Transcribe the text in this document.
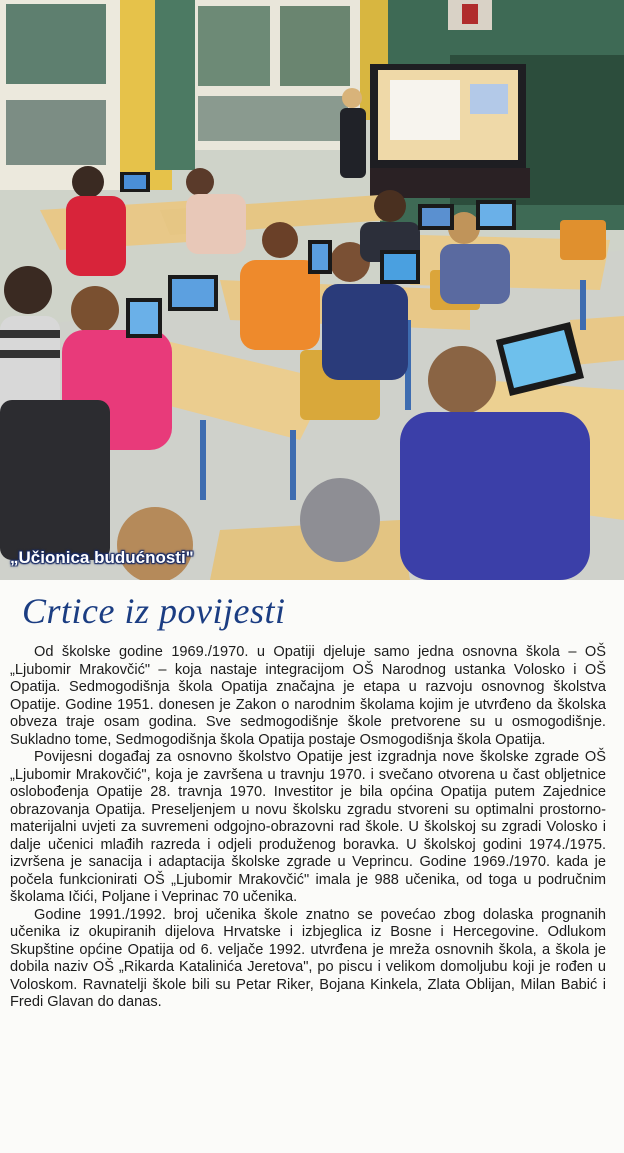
„Učionica budućnosti"
Crtice iz povijesti

Od školske godine 1969./1970. u Opatiji djeluje samo jedna osnovna škola – OŠ „Ljubomir Mrakovčić" – koja nastaje integracijom OŠ Narodnog ustanka Volosko i OŠ Opatija. Sedmogodišnja škola Opatija značajna je etapa u razvoju osnovnog školstva Opatije. Godine 1951. donesen je Zakon o narodnim školama kojim je utvrđeno da školska obveza traje osam godina. Sve sedmogodišnje škole pretvorene su u osmogodišnje. Sukladno tome, Sedmogodišnja škola Opatija postaje Osmogodišnja škola Opatija.

Povijesni događaj za osnovno školstvo Opatije jest izgradnja nove školske zgrade OŠ „Ljubomir Mrakovčić", koja je završena u travnju 1970. i svečano otvorena u čast obljetnice oslobođenja Opatije 28. travnja 1970. Investitor je bila općina Opatija putem Zajednice obrazovanja Opatija. Preseljenjem u novu školsku zgradu stvoreni su optimalni prostorno-materijalni uvjeti za suvremeni odgojno-obrazovni rad škole. U školskoj su zgradi Volosko i dalje učenici mlađih razreda i odjeli produženog boravka. U školskoj godini 1974./1975. izvršena je sanacija i adaptacija školske zgrade u Veprincu. Godine 1969./1970. kada je počela funkcionirati OŠ „Ljubomir Mrakovčić" imala je 988 učenika, od toga u područnim školama Ičići, Poljane i Veprinac 70 učenika.

Godine 1991./1992. broj učenika škole znatno se povećao zbog dolaska prognanih učenika iz okupiranih dijelova Hrvatske i izbjeglica iz Bosne i Hercegovine. Odlukom Skupštine općine Opatija od 6. veljače 1992. utvrđena je mreža osnovnih škola, a škola je dobila naziv OŠ „Rikarda Katalinića Jeretova", po piscu i velikom domoljubu koji je rođen u Voloskom. Ravnatelji škole bili su Petar Riker, Bojana Kinkela, Zlata Oblijan, Milan Babić i Fredi Glavan do danas.
